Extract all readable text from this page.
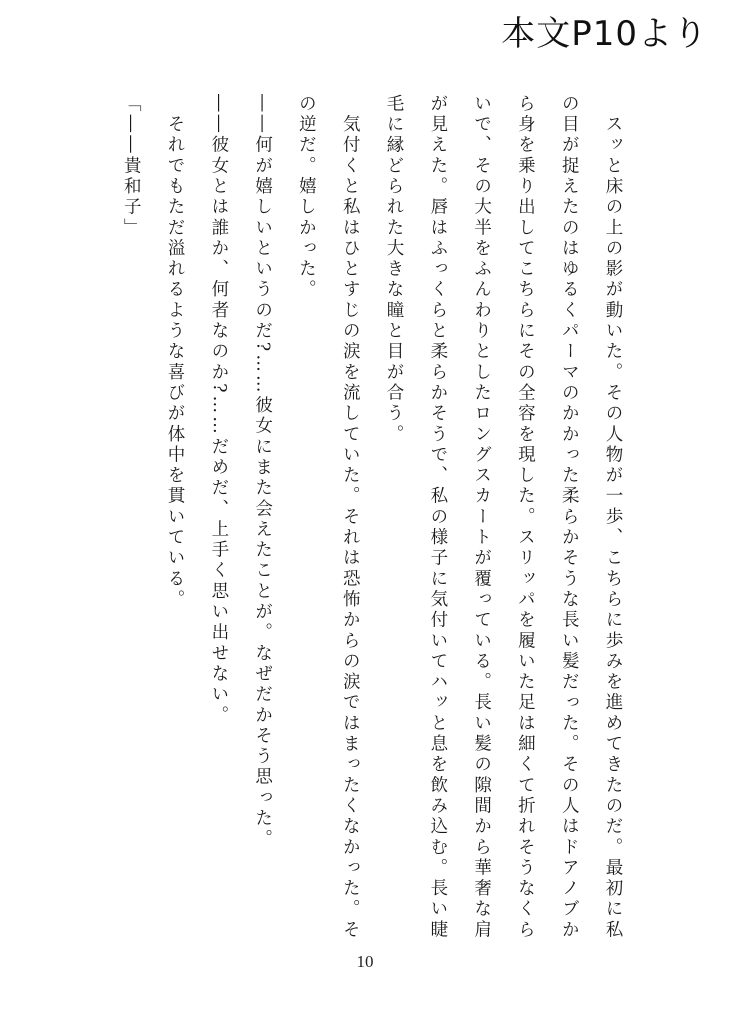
本文P10より

　スッと床の上の影が動いた。その人物が一歩、こちらに歩みを進めてきたのだ。最初に私の目が捉えたのはゆるくパーマのかかった柔らかそうな長い髪だった。その人はドアノブから身を乗り出してこちらにその全容を現した。スリッパを履いた足は細くて折れそうなくらいで、その大半をふんわりとしたロングスカートが覆っている。長い髪の隙間から華奢な肩が見えた。唇はふっくらと柔らかそうで、私の様子に気付いてハッと息を飲み込む。長い睫毛に縁どられた大きな瞳と目が合う。

　気付くと私はひとすじの涙を流していた。それは恐怖からの涙ではまったくなかった。その逆だ。嬉しかった。

――何が嬉しいというのだ?……彼女にまた会えたことが。なぜだかそう思った。

――彼女とは誰か、何者なのか?……だめだ、上手く思い出せない。

　それでもただ溢れるような喜びが体中を貫いている。

「――貴和子」

10
